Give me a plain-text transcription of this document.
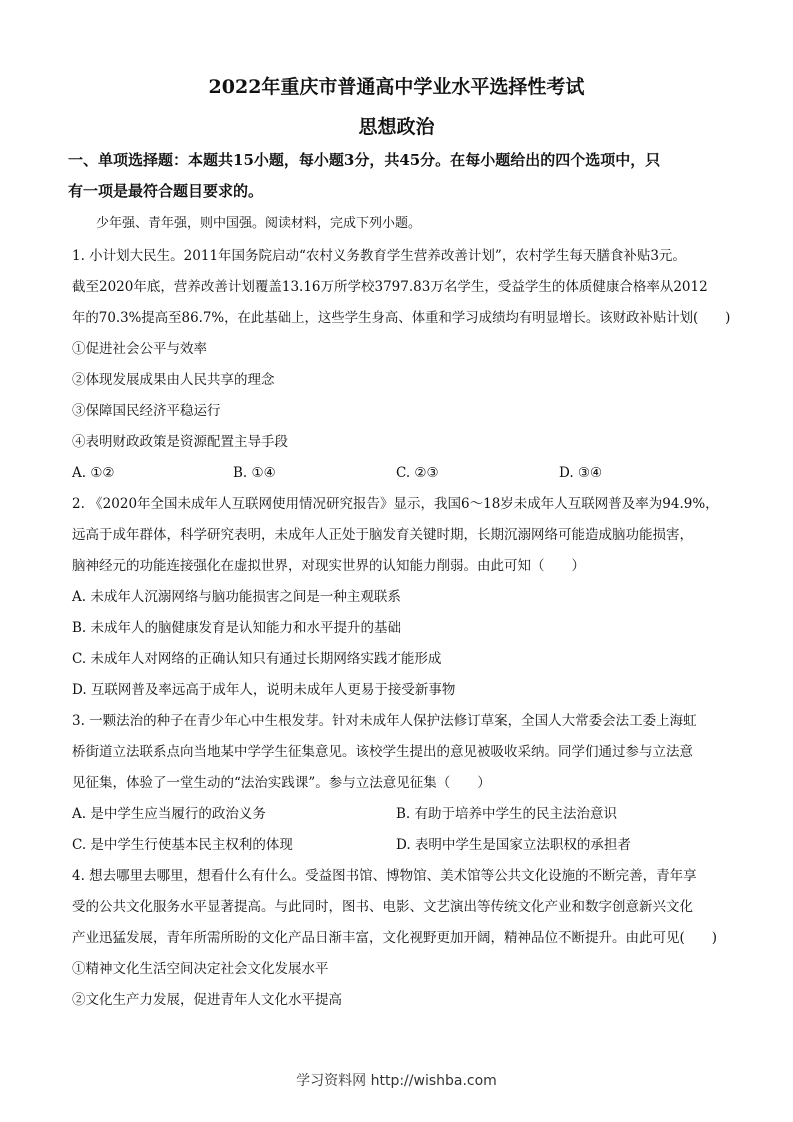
2022年重庆市普通高中学业水平选择性考试
思想政治
一、单项选择题：本题共15小题，每小题3分，共45分。在每小题给出的四个选项中，只
有一项是最符合题目要求的。
少年强、青年强，则中国强。阅读材料，完成下列小题。
1. 小计划大民生。2011年国务院启动“农村义务教育学生营养改善计划”，农村学生每天膳食补贴3元。
截至2020年底，营养改善计划覆盖13.16万所学校3797.83万名学生，受益学生的体质健康合格率从2012
年的70.3%提高至86.7%，在此基础上，这些学生身高、体重和学习成绩均有明显增长。该财政补贴计划(　　)
①促进社会公平与效率
②体现发展成果由人民共享的理念
③保障国民经济平稳运行
④表明财政政策是资源配置主导手段
A. ①②	B. ①④	C. ②③	D. ③④
2. 《2020年全国未成年人互联网使用情况研究报告》显示，我国6～18岁未成年人互联网普及率为94.9%，
远高于成年群体，科学研究表明，未成年人正处于脑发育关键时期，长期沉溺网络可能造成脑功能损害，
脑神经元的功能连接强化在虚拟世界，对现实世界的认知能力削弱。由此可知（　　）
A. 未成年人沉溺网络与脑功能损害之间是一种主观联系
B. 未成年人的脑健康发育是认知能力和水平提升的基础
C. 未成年人对网络的正确认知只有通过长期网络实践才能形成
D. 互联网普及率远高于成年人，说明未成年人更易于接受新事物
3. 一颗法治的种子在青少年心中生根发芽。针对未成年人保护法修订草案，全国人大常委会法工委上海虹
桥街道立法联系点向当地某中学学生征集意见。该校学生提出的意见被吸收采纳。同学们通过参与立法意
见征集，体验了一堂生动的“法治实践课”。参与立法意见征集（　　）
A. 是中学生应当履行的政治义务	B. 有助于培养中学生的民主法治意识
C. 是中学生行使基本民主权利的体现	D. 表明中学生是国家立法职权的承担者
4. 想去哪里去哪里，想看什么有什么。受益图书馆、博物馆、美术馆等公共文化设施的不断完善，青年享
受的公共文化服务水平显著提高。与此同时，图书、电影、文艺演出等传统文化产业和数字创意新兴文化
产业迅猛发展，青年所需所盼的文化产品日渐丰富，文化视野更加开阔，精神品位不断提升。由此可见(　　)
①精神文化生活空间决定社会文化发展水平
②文化生产力发展，促进青年人文化水平提高
学习资料网 http://wishba.com
